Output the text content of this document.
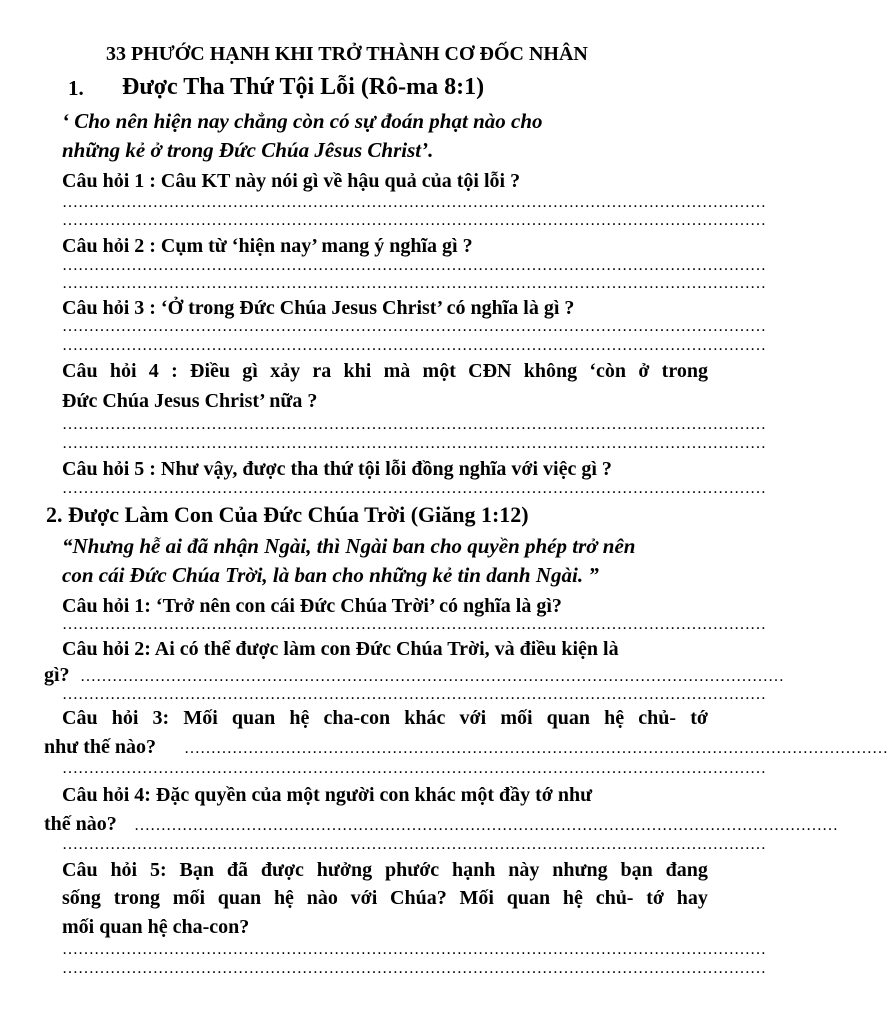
33 PHƯỚC HẠNH KHI TRỞ THÀNH CƠ ĐỐC NHÂN
1. Được Tha Thứ Tội Lỗi (Rô-ma 8:1)
‘ Cho nên hiện nay chẳng còn có sự đoán phạt nào cho
những kẻ ở trong Đức Chúa Jêsus Christ’.
Câu hỏi 1 : Câu KT này nói gì về hậu quả của tội lỗi ?
……………………………………………………………………………………………………………………
……………………………………………………………………………………………………………………
Câu hỏi 2 : Cụm từ ‘hiện nay’ mang ý nghĩa gì ?
……………………………………………………………………………………………………………………
……………………………………………………………………………………………………………………
Câu hỏi 3 : ‘Ở trong Đức Chúa Jesus Christ’ có nghĩa là gì ?
……………………………………………………………………………………………………………………
……………………………………………………………………………………………………………………
Câu hỏi 4 : Điều gì xảy ra khi mà một CĐN không ‘còn ở trong
Đức Chúa Jesus Christ’ nữa ?
……………………………………………………………………………………………………………………
……………………………………………………………………………………………………………………
Câu hỏi 5 : Như vậy, được tha thứ tội lỗi đồng nghĩa với việc gì ?
……………………………………………………………………………………………………………………
2. Được Làm Con Của Đức Chúa Trời (Giăng 1:12)
“Nhưng hễ ai đã nhận Ngài, thì Ngài ban cho quyền phép trở nên
con cái Đức Chúa Trời, là ban cho những kẻ tin danh Ngài. ”
Câu hỏi 1: ‘Trở nên con cái Đức Chúa Trời’ có nghĩa là gì?
……………………………………………………………………………………………………………………
Câu hỏi 2: Ai có thể được làm con Đức Chúa Trời, và điều kiện là
gì? ……………………………………………………………………………………………………………………
……………………………………………………………………………………………………………………
Câu hỏi 3: Mối quan hệ cha-con khác với mối quan hệ chủ- tớ
như thế nào? ……………………………………………………………………………………………………………………
……………………………………………………………………………………………………………………
Câu hỏi 4: Đặc quyền của một người con khác một đầy tớ như
thế nào? ……………………………………………………………………………………………………………………
……………………………………………………………………………………………………………………
Câu hỏi 5: Bạn đã được hưởng phước hạnh này nhưng bạn đang
sống trong mối quan hệ nào với Chúa? Mối quan hệ chủ- tớ hay
mối quan hệ cha-con?
……………………………………………………………………………………………………………………
……………………………………………………………………………………………………………………
